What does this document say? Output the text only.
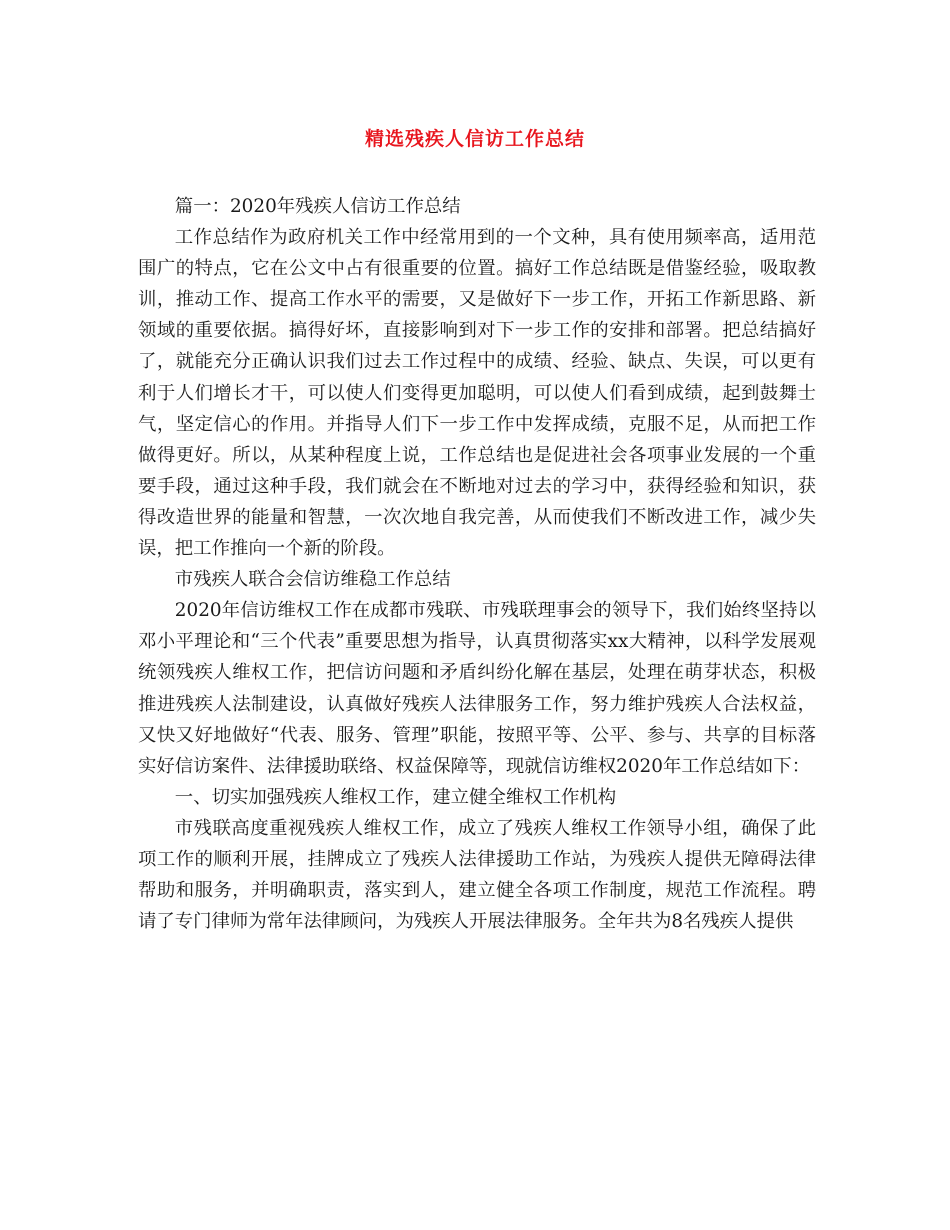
精选残疾人信访工作总结

篇一：2020年残疾人信访工作总结

工作总结作为政府机关工作中经常用到的一个文种，具有使用频率高，适用范围广的特点，它在公文中占有很重要的位置。搞好工作总结既是借鉴经验，吸取教训，推动工作、提高工作水平的需要，又是做好下一步工作，开拓工作新思路、新领域的重要依据。搞得好坏，直接影响到对下一步工作的安排和部署。把总结搞好了，就能充分正确认识我们过去工作过程中的成绩、经验、缺点、失误，可以更有利于人们增长才干，可以使人们变得更加聪明，可以使人们看到成绩，起到鼓舞士气，坚定信心的作用。并指导人们下一步工作中发挥成绩，克服不足，从而把工作做得更好。所以，从某种程度上说，工作总结也是促进社会各项事业发展的一个重要手段，通过这种手段，我们就会在不断地对过去的学习中，获得经验和知识，获得改造世界的能量和智慧，一次次地自我完善，从而使我们不断改进工作，减少失误，把工作推向一个新的阶段。

市残疾人联合会信访维稳工作总结

2020年信访维权工作在成都市残联、市残联理事会的领导下，我们始终坚持以邓小平理论和“三个代表”重要思想为指导，认真贯彻落实xx大精神，以科学发展观统领残疾人维权工作，把信访问题和矛盾纠纷化解在基层，处理在萌芽状态，积极推进残疾人法制建设，认真做好残疾人法律服务工作，努力维护残疾人合法权益，又快又好地做好“代表、服务、管理”职能，按照平等、公平、参与、共享的目标落实好信访案件、法律援助联络、权益保障等，现就信访维权2020年工作总结如下：

一、切实加强残疾人维权工作，建立健全维权工作机构

市残联高度重视残疾人维权工作，成立了残疾人维权工作领导小组，确保了此项工作的顺利开展，挂牌成立了残疾人法律援助工作站，为残疾人提供无障碍法律帮助和服务，并明确职责，落实到人，建立健全各项工作制度，规范工作流程。聘请了专门律师为常年法律顾问，为残疾人开展法律服务。全年共为8名残疾人提供
